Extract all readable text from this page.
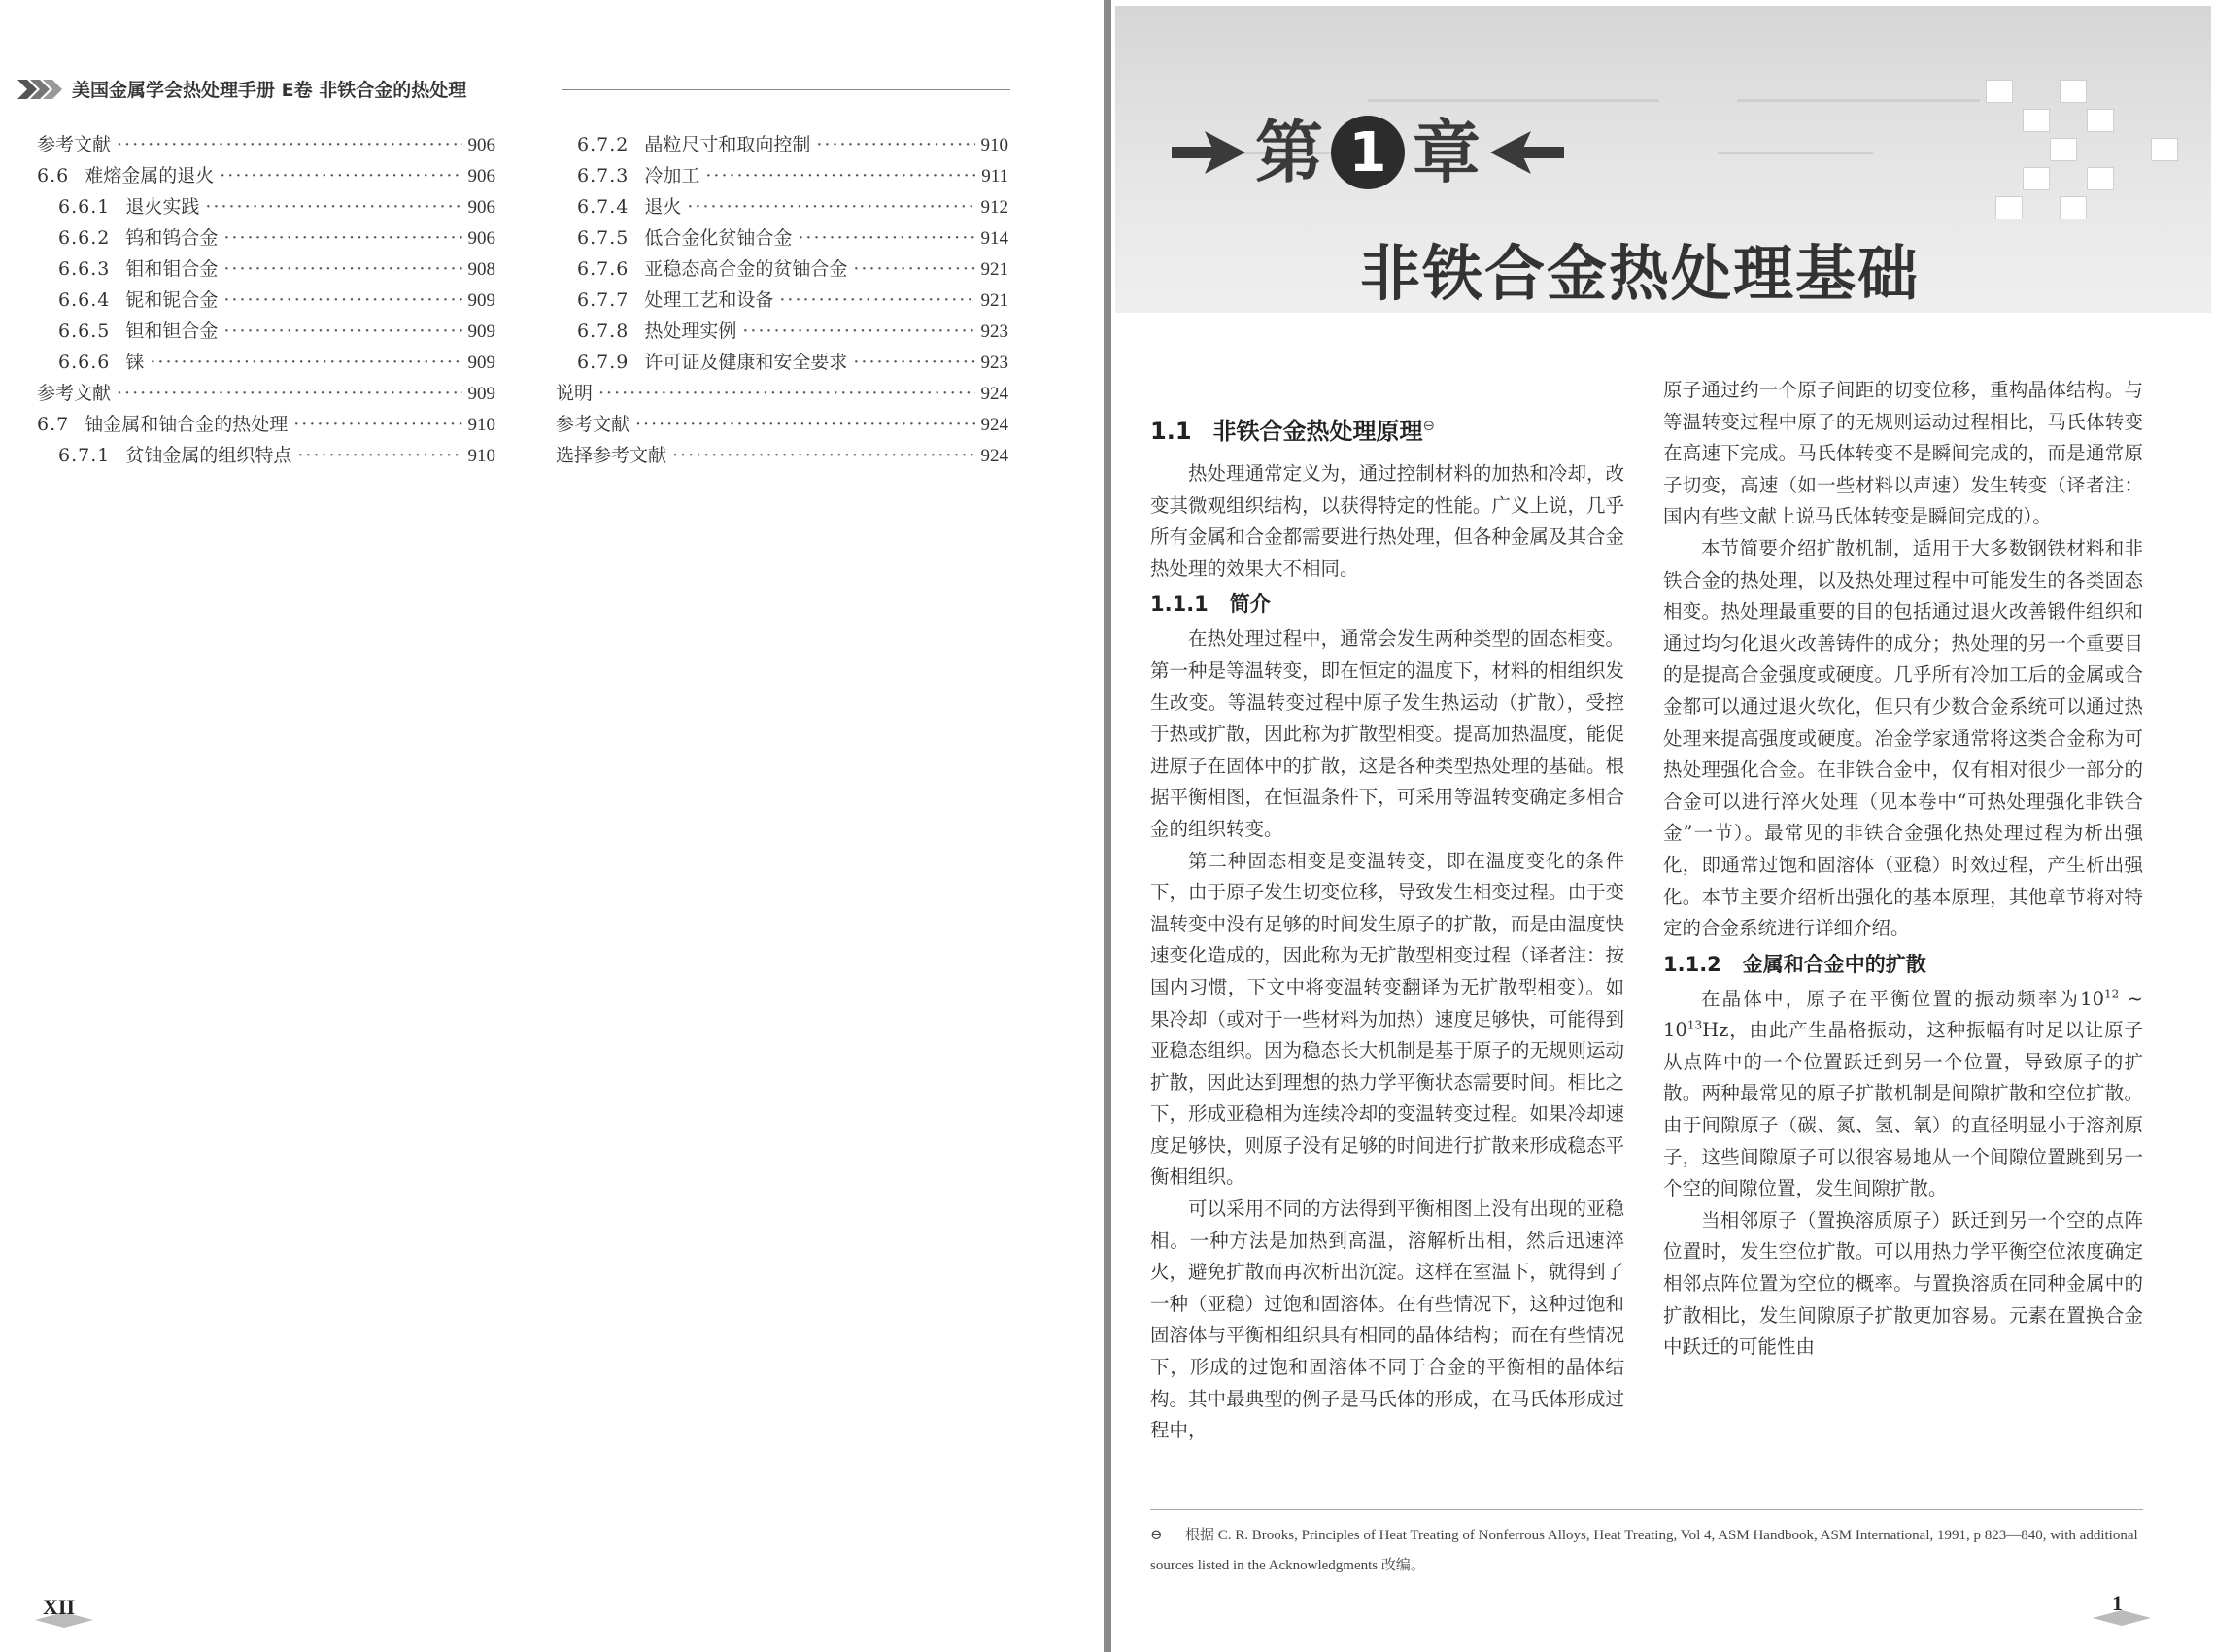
美国金属学会热处理手册 E卷 非铁合金的热处理
参考文献 ·····	906
6.6 难熔金属的退火 ·····	906
6.6.1 退火实践 ·····	906
6.6.2 钨和钨合金 ·····	906
6.6.3 钼和钼合金 ·····	908
6.6.4 铌和铌合金 ·····	909
6.6.5 钽和钽合金 ·····	909
6.6.6 铼 ·····	909
参考文献 ·····	909
6.7 铀金属和铀合金的热处理 ·····	910
6.7.1 贫铀金属的组织特点 ·····	910
6.7.2 晶粒尺寸和取向控制 ·····	910
6.7.3 冷加工 ·····	911
6.7.4 退火 ·····	912
6.7.5 低合金化贫铀合金 ·····	914
6.7.6 亚稳态高合金的贫铀合金 ·····	921
6.7.7 处理工艺和设备 ·····	921
6.7.8 热处理实例 ·····	923
6.7.9 许可证及健康和安全要求 ·····	923
说明 ·····	924
参考文献 ·····	924
选择参考文献 ·····	924
XII
第 1 章
非铁合金热处理基础
1.1 非铁合金热处理原理⊖

热处理通常定义为，通过控制材料的加热和冷却，改变其微观组织结构，以获得特定的性能。广义上说，几乎所有金属和合金都需要进行热处理，但各种金属及其合金热处理的效果大不相同。

1.1.1 简介

在热处理过程中，通常会发生两种类型的固态相变。第一种是等温转变，即在恒定的温度下，材料的相组织发生改变。等温转变过程中原子发生热运动（扩散），受控于热或扩散，因此称为扩散型相变。提高加热温度，能促进原子在固体中的扩散，这是各种类型热处理的基础。根据平衡相图，在恒温条件下，可采用等温转变确定多相合金的组织转变。

第二种固态相变是变温转变，即在温度变化的条件下，由于原子发生切变位移，导致发生相变过程。由于变温转变中没有足够的时间发生原子的扩散，而是由温度快速变化造成的，因此称为无扩散型相变过程（译者注：按国内习惯，下文中将变温转变翻译为无扩散型相变）。如果冷却（或对于一些材料为加热）速度足够快，可能得到亚稳态组织。因为稳态长大机制是基于原子的无规则运动扩散，因此达到理想的热力学平衡状态需要时间。相比之下，形成亚稳相为连续冷却的变温转变过程。如果冷却速度足够快，则原子没有足够的时间进行扩散来形成稳态平衡相组织。

可以采用不同的方法得到平衡相图上没有出现的亚稳相。一种方法是加热到高温，溶解析出相，然后迅速淬火，避免扩散而再次析出沉淀。这样在室温下，就得到了一种（亚稳）过饱和固溶体。在有些情况下，这种过饱和固溶体与平衡相组织具有相同的晶体结构；而在有些情况下，形成的过饱和固溶体不同于合金的平衡相的晶体结构。其中最典型的例子是马氏体的形成，在马氏体形成过程中，

原子通过约一个原子间距的切变位移，重构晶体结构。与等温转变过程中原子的无规则运动过程相比，马氏体转变在高速下完成。马氏体转变不是瞬间完成的，而是通常原子切变，高速（如一些材料以声速）发生转变（译者注：国内有些文献上说马氏体转变是瞬间完成的）。

本节简要介绍扩散机制，适用于大多数钢铁材料和非铁合金的热处理，以及热处理过程中可能发生的各类固态相变。热处理最重要的目的包括通过退火改善锻件组织和通过均匀化退火改善铸件的成分；热处理的另一个重要目的是提高合金强度或硬度。几乎所有冷加工后的金属或合金都可以通过退火软化，但只有少数合金系统可以通过热处理来提高强度或硬度。冶金学家通常将这类合金称为可热处理强化合金。在非铁合金中，仅有相对很少一部分的合金可以进行淬火处理（见本卷中“可热处理强化非铁合金”一节）。最常见的非铁合金强化热处理过程为析出强化，即通常过饱和固溶体（亚稳）时效过程，产生析出强化。本节主要介绍析出强化的基本原理，其他章节将对特定的合金系统进行详细介绍。

1.1.2 金属和合金中的扩散

在晶体中，原子在平衡位置的振动频率为$10^{12}$ ~ $10^{13}Hz$，由此产生晶格振动，这种振幅有时足以让原子从点阵中的一个位置跃迁到另一个位置，导致原子的扩散。两种最常见的原子扩散机制是间隙扩散和空位扩散。由于间隙原子（碳、氮、氢、氧）的直径明显小于溶剂原子，这些间隙原子可以很容易地从一个间隙位置跳到另一个空的间隙位置，发生间隙扩散。

当相邻原子（置换溶质原子）跃迁到另一个空的点阵位置时，发生空位扩散。可以用热力学平衡空位浓度确定相邻点阵位置为空位的概率。与置换溶质在同种金属中的扩散相比，发生间隙原子扩散更加容易。元素在置换合金中跃迁的可能性由

⊖ 根据 C. R. Brooks, Principles of Heat Treating of Nonferrous Alloys, Heat Treating, Vol 4, ASM Handbook, ASM International, 1991, p 823—840, with additional sources listed in the Acknowledgments 改编。
1
